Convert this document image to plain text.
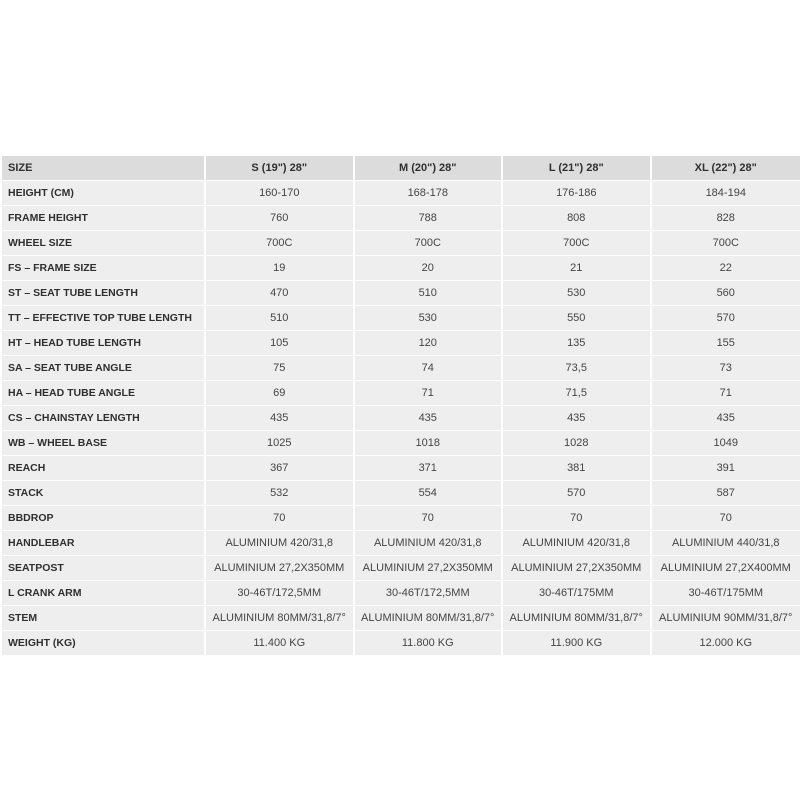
SIZE	S (19") 28"	M (20") 28"	L (21") 28"	XL (22") 28"
HEIGHT (CM)	160-170	168-178	176-186	184-194
FRAME HEIGHT	760	788	808	828
WHEEL SIZE	700C	700C	700C	700C
FS – FRAME SIZE	19	20	21	22
ST – SEAT TUBE LENGTH	470	510	530	560
TT – EFFECTIVE TOP TUBE LENGTH	510	530	550	570
HT – HEAD TUBE LENGTH	105	120	135	155
SA – SEAT TUBE ANGLE	75	74	73,5	73
HA – HEAD TUBE ANGLE	69	71	71,5	71
CS – CHAINSTAY LENGTH	435	435	435	435
WB – WHEEL BASE	1025	1018	1028	1049
REACH	367	371	381	391
STACK	532	554	570	587
BBDROP	70	70	70	70
HANDLEBAR	ALUMINIUM 420/31,8	ALUMINIUM 420/31,8	ALUMINIUM 420/31,8	ALUMINIUM 440/31,8
SEATPOST	ALUMINIUM 27,2X350MM	ALUMINIUM 27,2X350MM	ALUMINIUM 27,2X350MM	ALUMINIUM 27,2X400MM
L CRANK ARM	30-46T/172,5MM	30-46T/172,5MM	30-46T/175MM	30-46T/175MM
STEM	ALUMINIUM 80MM/31,8/7°	ALUMINIUM 80MM/31,8/7°	ALUMINIUM 80MM/31,8/7°	ALUMINIUM 90MM/31,8/7°
WEIGHT (KG)	11.400 KG	11.800 KG	11.900 KG	12.000 KG
